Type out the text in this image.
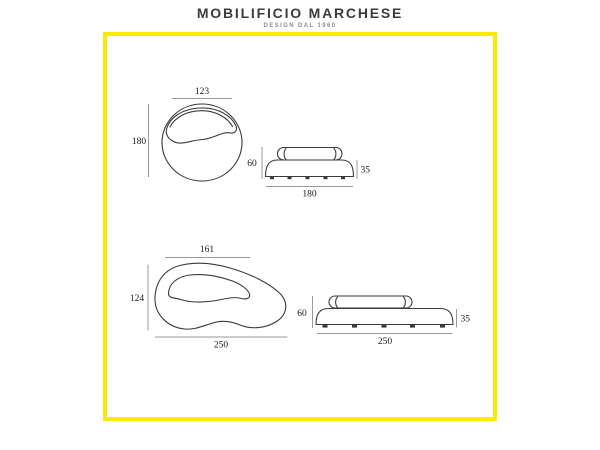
MOBILIFICIO MARCHESE
DESIGN DAL 1960
123
180
60
35
180
161
124
250
60
35
250
